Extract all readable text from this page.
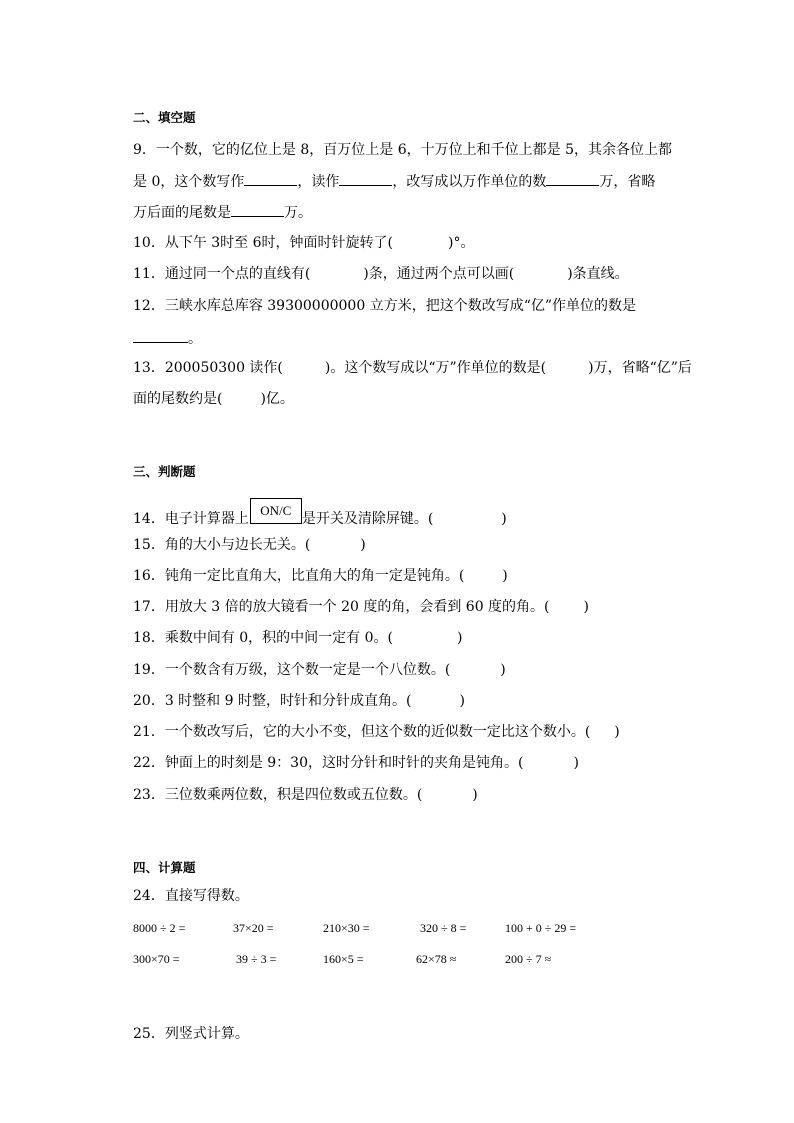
二、填空题
9．一个数，它的亿位上是 8，百万位上是 6，十万位上和千位上都是 5，其余各位上都
是 0，这个数写作	，读作	，改写成以万作单位的数	万，省略
万后面的尾数是	万。
10．从下午 3时至 6时，钟面时针旋转了(	)°。
11．通过同一个点的直线有(	)条，通过两个点可以画(	)条直线。
12．三峡水库总库容 39300000000 立方米，把这个数改写成“亿”作单位的数是
。
13．200050300 读作(	)。这个数写成以“万”作单位的数是(	)万，省略“亿”后
面的尾数约是(	)亿。
三、判断题
14．电子计算器上ON/C是开关及清除屏键。(	)
15．角的大小与边长无关。(	)
16．钝角一定比直角大，比直角大的角一定是钝角。(	)
17．用放大 3 倍的放大镜看一个 20 度的角，会看到 60 度的角。( )
18．乘数中间有 0，积的中间一定有 0。(	)
19．一个数含有万级，这个数一定是一个八位数。(	)
20．3 时整和 9 时整，时针和分针成直角。(	)
21．一个数改写后，它的大小不变，但这个数的近似数一定比这个数小。( )
22．钟面上的时刻是 9：30，这时分针和时针的夹角是钝角。(	)
23．三位数乘两位数，积是四位数或五位数。(	)
四、计算题
24．直接写得数。
8000 ÷ 2 =	37×20 =	210×30 =	320 ÷ 8 =	100 + 0 ÷ 29 =
300×70 =	39 ÷ 3 =	160×5 =	62×78 ≈	200 ÷ 7 ≈
25．列竖式计算。
